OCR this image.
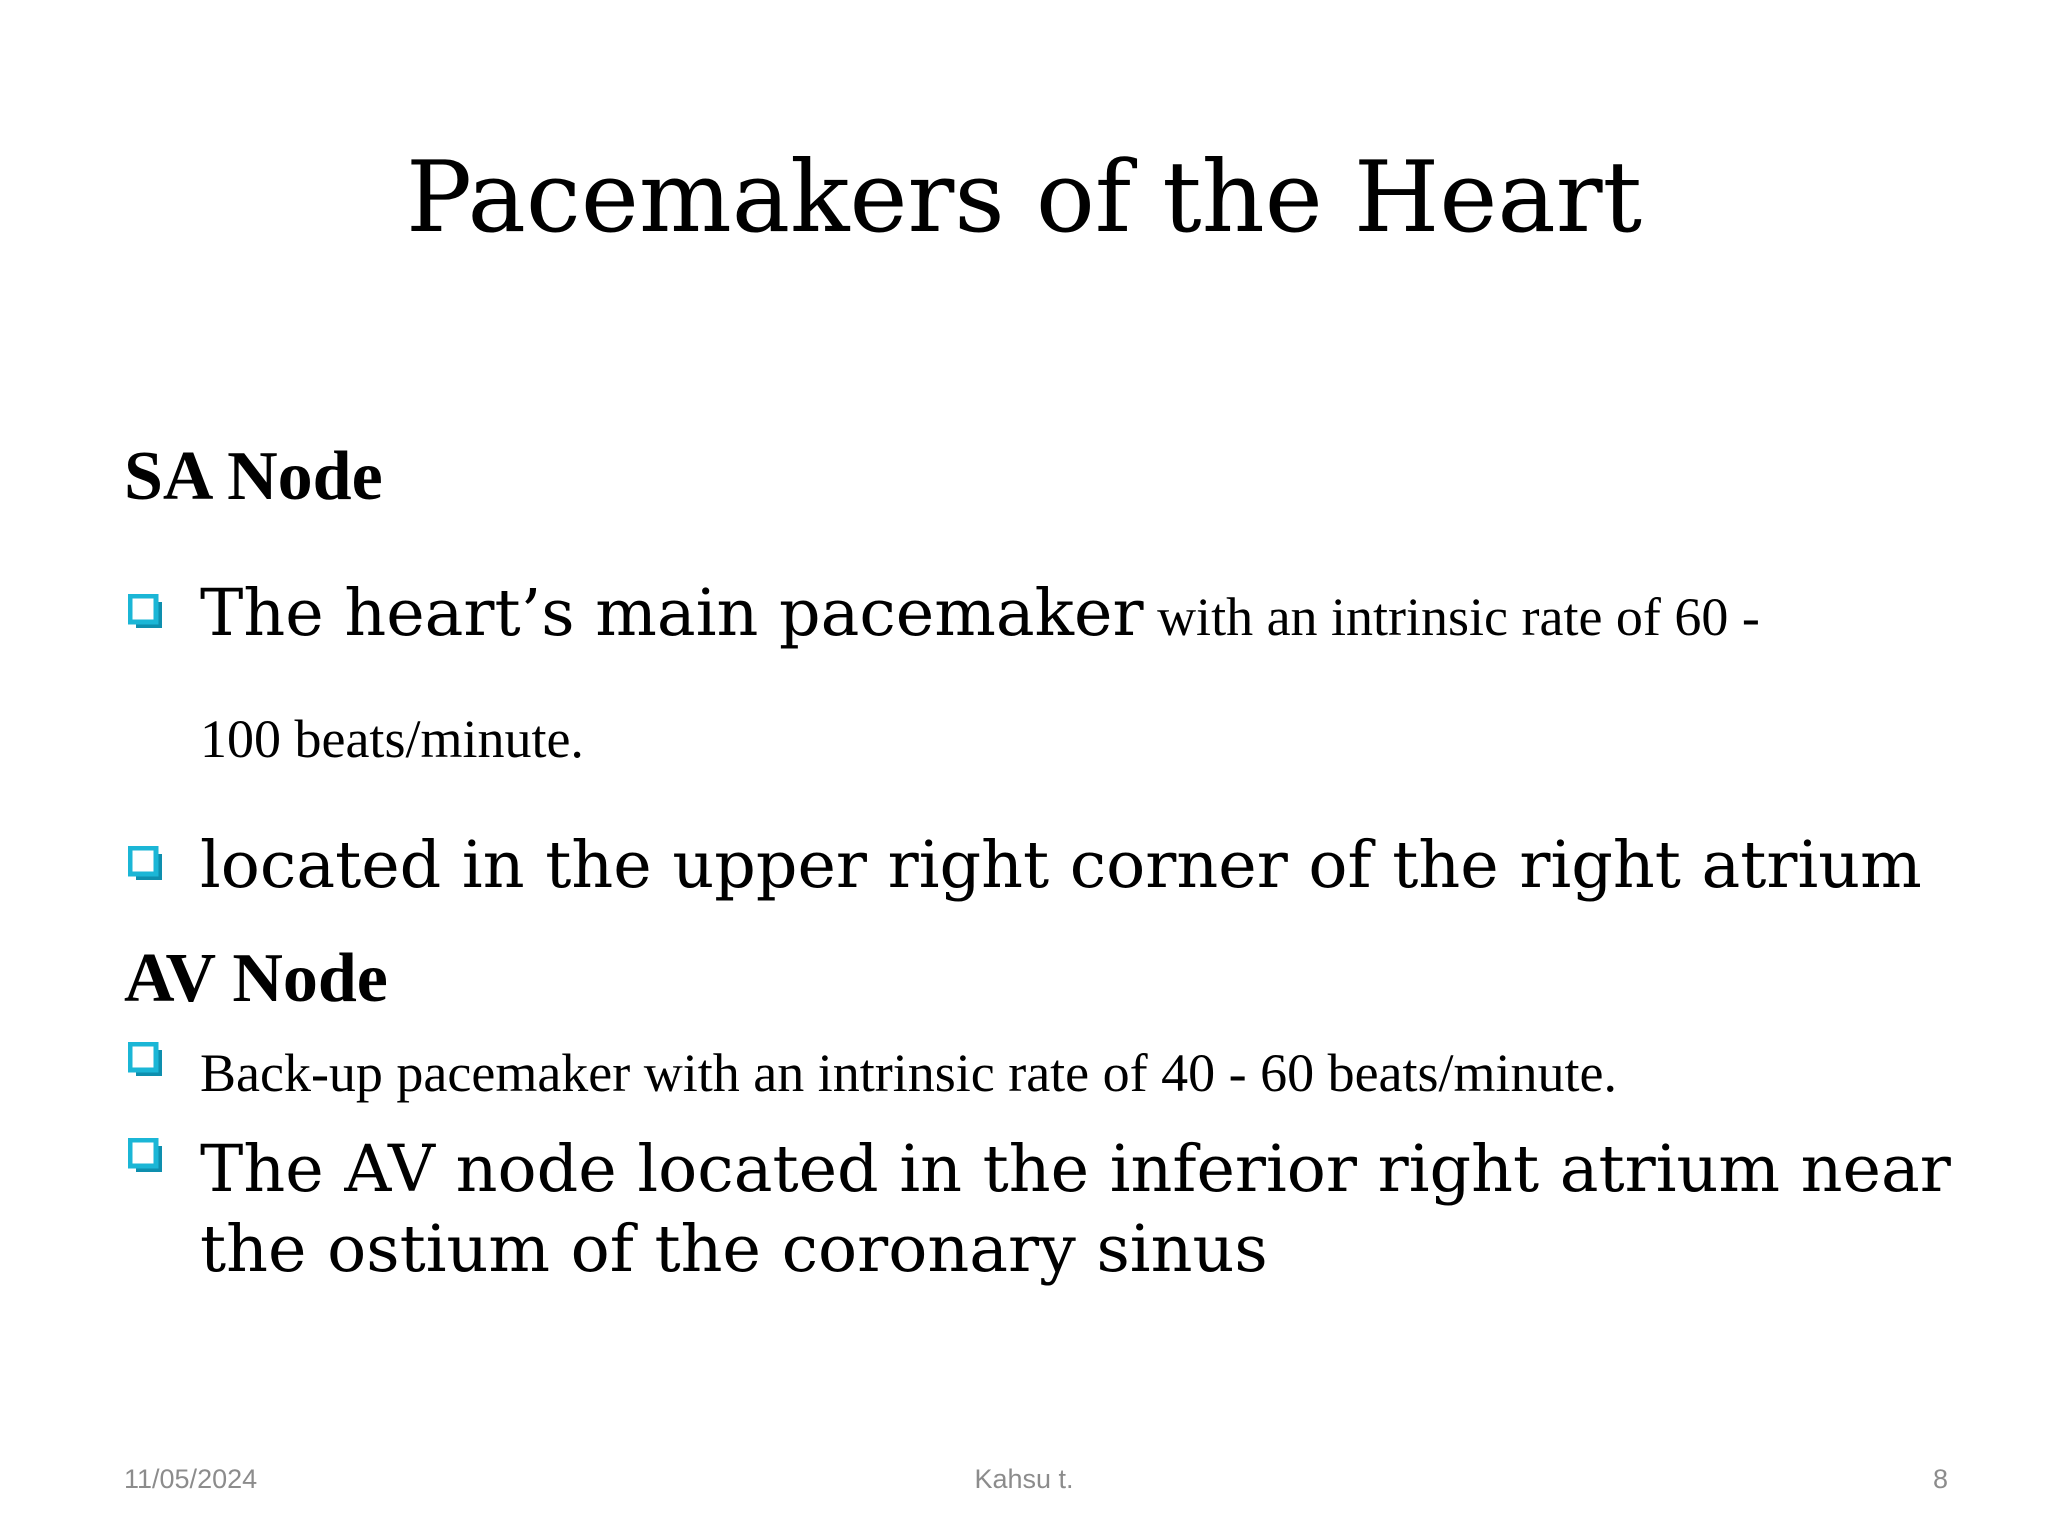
Pacemakers of the Heart
SA Node
The heart’s main pacemaker with an intrinsic rate of 60 -
100 beats/minute.
located in the upper right corner of the right atrium
AV Node
Back-up pacemaker with an intrinsic rate of 40 - 60 beats/minute.
The AV node located in the inferior right atrium near the ostium of the coronary sinus
11/05/2024	Kahsu t.	8
